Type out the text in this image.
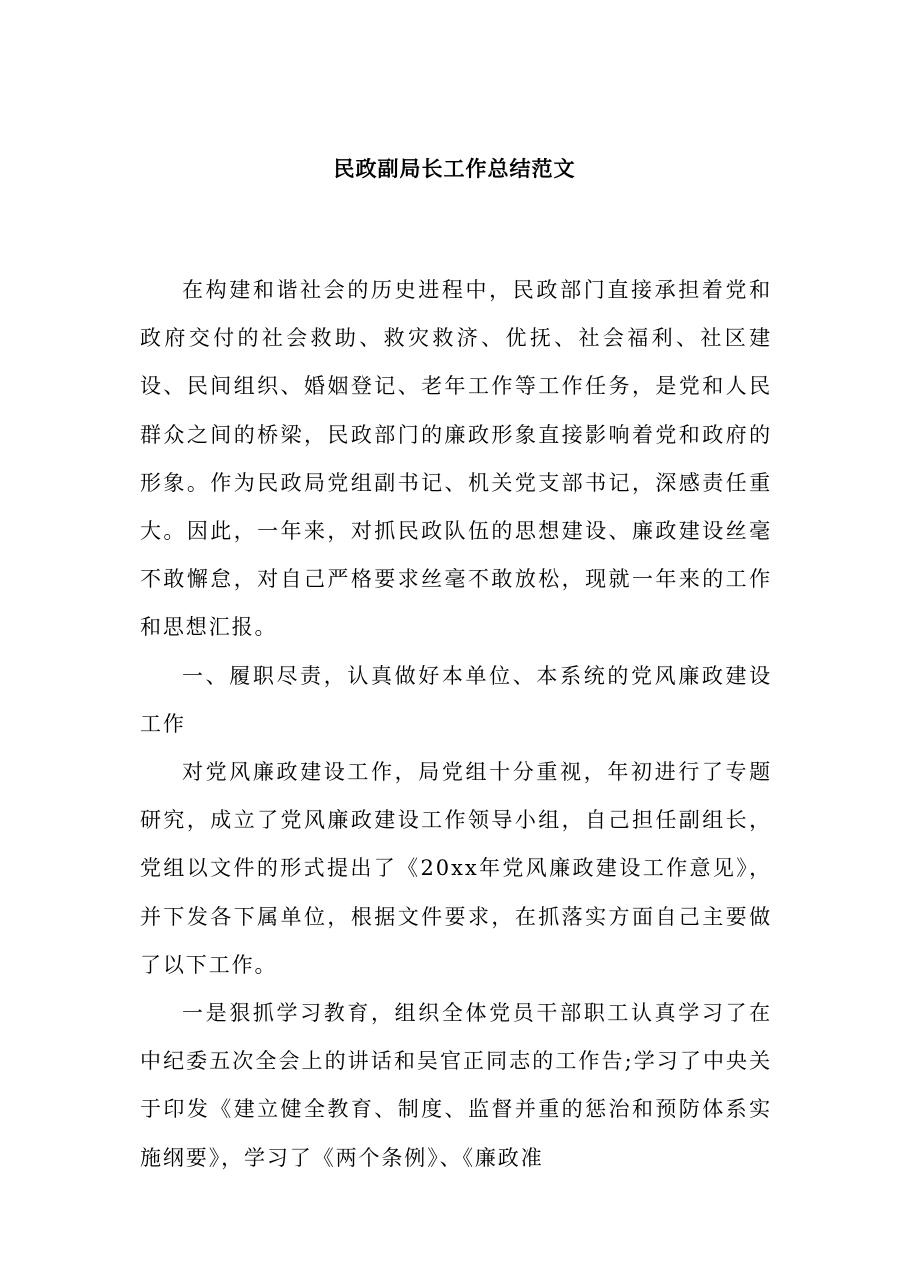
民政副局长工作总结范文

在构建和谐社会的历史进程中，民政部门直接承担着党和政府交付的社会救助、救灾救济、优抚、社会福利、社区建设、民间组织、婚姻登记、老年工作等工作任务，是党和人民群众之间的桥梁，民政部门的廉政形象直接影响着党和政府的形象。作为民政局党组副书记、机关党支部书记，深感责任重大。因此，一年来，对抓民政队伍的思想建设、廉政建设丝毫不敢懈怠，对自己严格要求丝毫不敢放松，现就一年来的工作和思想汇报。

一、履职尽责，认真做好本单位、本系统的党风廉政建设工作

对党风廉政建设工作，局党组十分重视，年初进行了专题研究，成立了党风廉政建设工作领导小组，自己担任副组长，党组以文件的形式提出了《20xx年党风廉政建设工作意见》，并下发各下属单位，根据文件要求，在抓落实方面自己主要做了以下工作。

一是狠抓学习教育，组织全体党员干部职工认真学习了在中纪委五次全会上的讲话和吴官正同志的工作告;学习了中央关于印发《建立健全教育、制度、监督并重的惩治和预防体系实施纲要》，学习了《两个条例》、《廉政准
